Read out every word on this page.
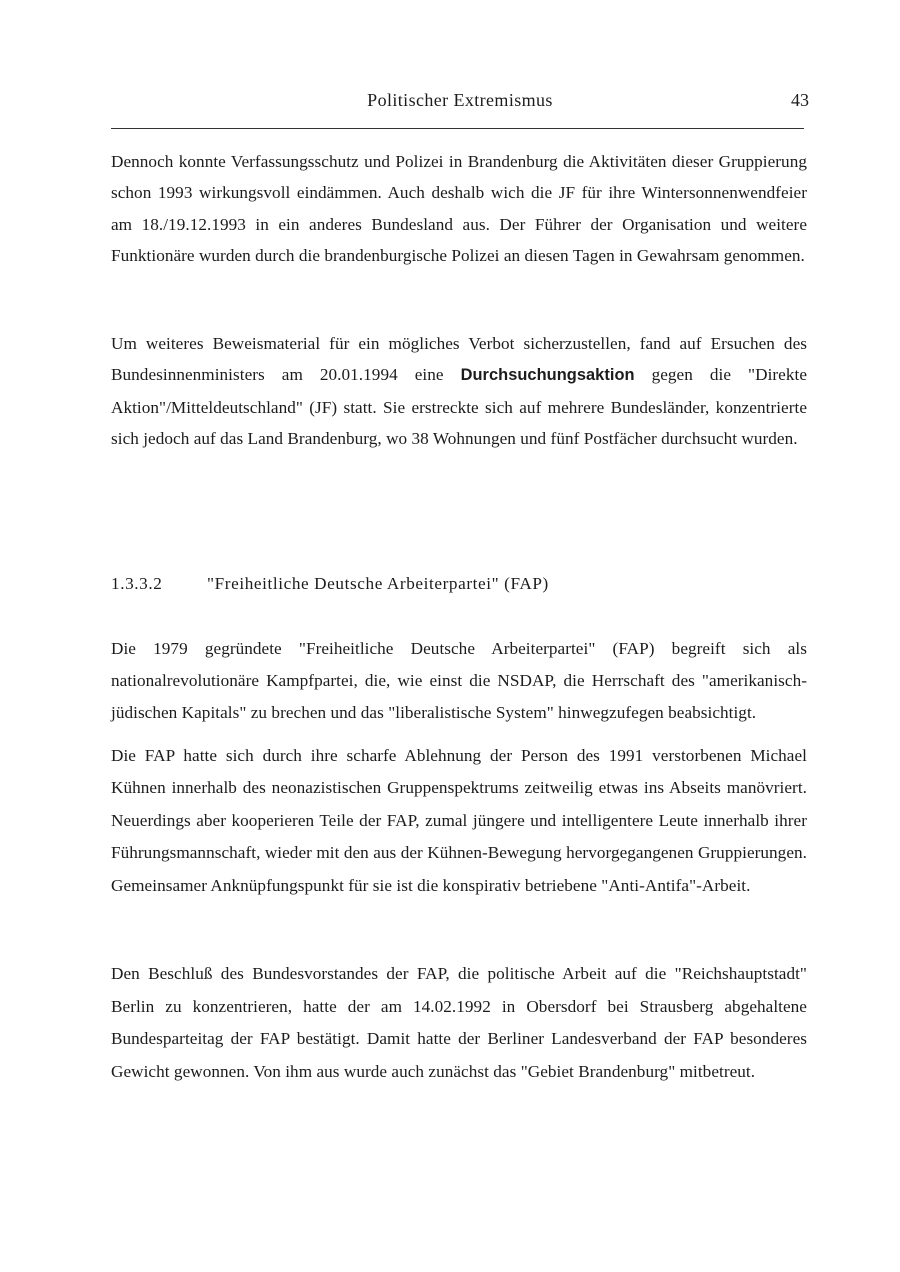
Politischer Extremismus	43

Dennoch konnte Verfassungsschutz und Polizei in Brandenburg die Aktivitäten dieser Gruppierung schon 1993 wirkungsvoll eindämmen. Auch deshalb wich die JF für ihre Wintersonnenwendfeier am 18./19.12.1993 in ein anderes Bundesland aus. Der Führer der Organisation und weitere Funktionäre wurden durch die brandenburgische Polizei an diesen Tagen in Gewahrsam genommen.

Um weiteres Beweismaterial für ein mögliches Verbot sicherzustellen, fand auf Ersuchen des Bundesinnenministers am 20.01.1994 eine Durchsuchungsaktion gegen die "Direkte Aktion"/Mitteldeutschland" (JF) statt. Sie erstreckte sich auf mehrere Bundesländer, konzentrierte sich jedoch auf das Land Brandenburg, wo 38 Wohnungen und fünf Postfächer durchsucht wurden.

1.3.3.2	"Freiheitliche Deutsche Arbeiterpartei" (FAP)

Die 1979 gegründete "Freiheitliche Deutsche Arbeiterpartei" (FAP) begreift sich als nationalrevolutionäre Kampfpartei, die, wie einst die NSDAP, die Herrschaft des "amerikanisch-jüdischen Kapitals" zu brechen und das "liberalistische System" hinwegzufegen beabsichtigt.

Die FAP hatte sich durch ihre scharfe Ablehnung der Person des 1991 verstorbenen Michael Kühnen innerhalb des neonazistischen Gruppenspektrums zeitweilig etwas ins Abseits manövriert. Neuerdings aber kooperieren Teile der FAP, zumal jüngere und intelligentere Leute innerhalb ihrer Führungsmannschaft, wieder mit den aus der Kühnen-Bewegung hervorgegangenen Gruppierungen. Gemeinsamer Anknüpfungspunkt für sie ist die konspirativ betriebene "Anti-Antifa"-Arbeit.

Den Beschluß des Bundesvorstandes der FAP, die politische Arbeit auf die "Reichshauptstadt" Berlin zu konzentrieren, hatte der am 14.02.1992 in Obersdorf bei Strausberg abgehaltene Bundesparteitag der FAP bestätigt. Damit hatte der Berliner Landesverband der FAP besonderes Gewicht gewonnen. Von ihm aus wurde auch zunächst das "Gebiet Brandenburg" mitbetreut.
